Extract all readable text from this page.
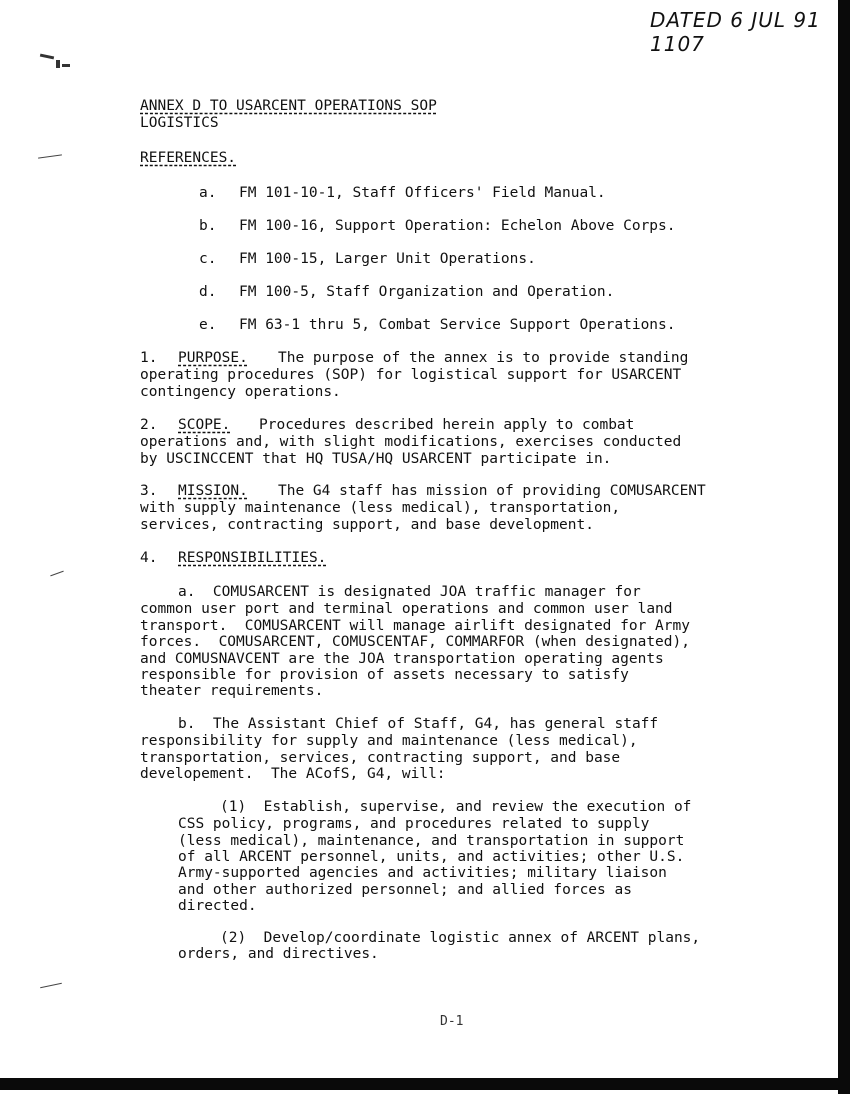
DATED 6 JUL 91 1107
ANNEX D TO USARCENT OPERATIONS SOP
LOGISTICS
REFERENCES.
a. FM 101-10-1, Staff Officers' Field Manual.
b. FM 100-16, Support Operation: Echelon Above Corps.
c. FM 100-15, Larger Unit Operations.
d. FM 100-5, Staff Organization and Operation.
e. FM 63-1 thru 5, Combat Service Support Operations.
1. PURPOSE. The purpose of the annex is to provide standing
operating procedures (SOP) for logistical support for USARCENT
contingency operations.
2. SCOPE. Procedures described herein apply to combat
operations and, with slight modifications, exercises conducted
by USCINCCENT that HQ TUSA/HQ USARCENT participate in.
3. MISSION. The G4 staff has mission of providing COMUSARCENT
with supply maintenance (less medical), transportation,
services, contracting support, and base development.
4. RESPONSIBILITIES.
a.  COMUSARCENT is designated JOA traffic manager for
common user port and terminal operations and common user land
transport.  COMUSARCENT will manage airlift designated for Army
forces.  COMUSARCENT, COMUSCENTAF, COMMARFOR (when designated),
and COMUSNAVCENT are the JOA transportation operating agents
responsible for provision of assets necessary to satisfy
theater requirements.
b.  The Assistant Chief of Staff, G4, has general staff
responsibility for supply and maintenance (less medical),
transportation, services, contracting support, and base
developement.  The ACofS, G4, will:
(1)  Establish, supervise, and review the execution of
CSS policy, programs, and procedures related to supply
(less medical), maintenance, and transportation in support
of all ARCENT personnel, units, and activities; other U.S.
Army-supported agencies and activities; military liaison
and other authorized personnel; and allied forces as
directed.
(2)  Develop/coordinate logistic annex of ARCENT plans,
orders, and directives.
D-1
